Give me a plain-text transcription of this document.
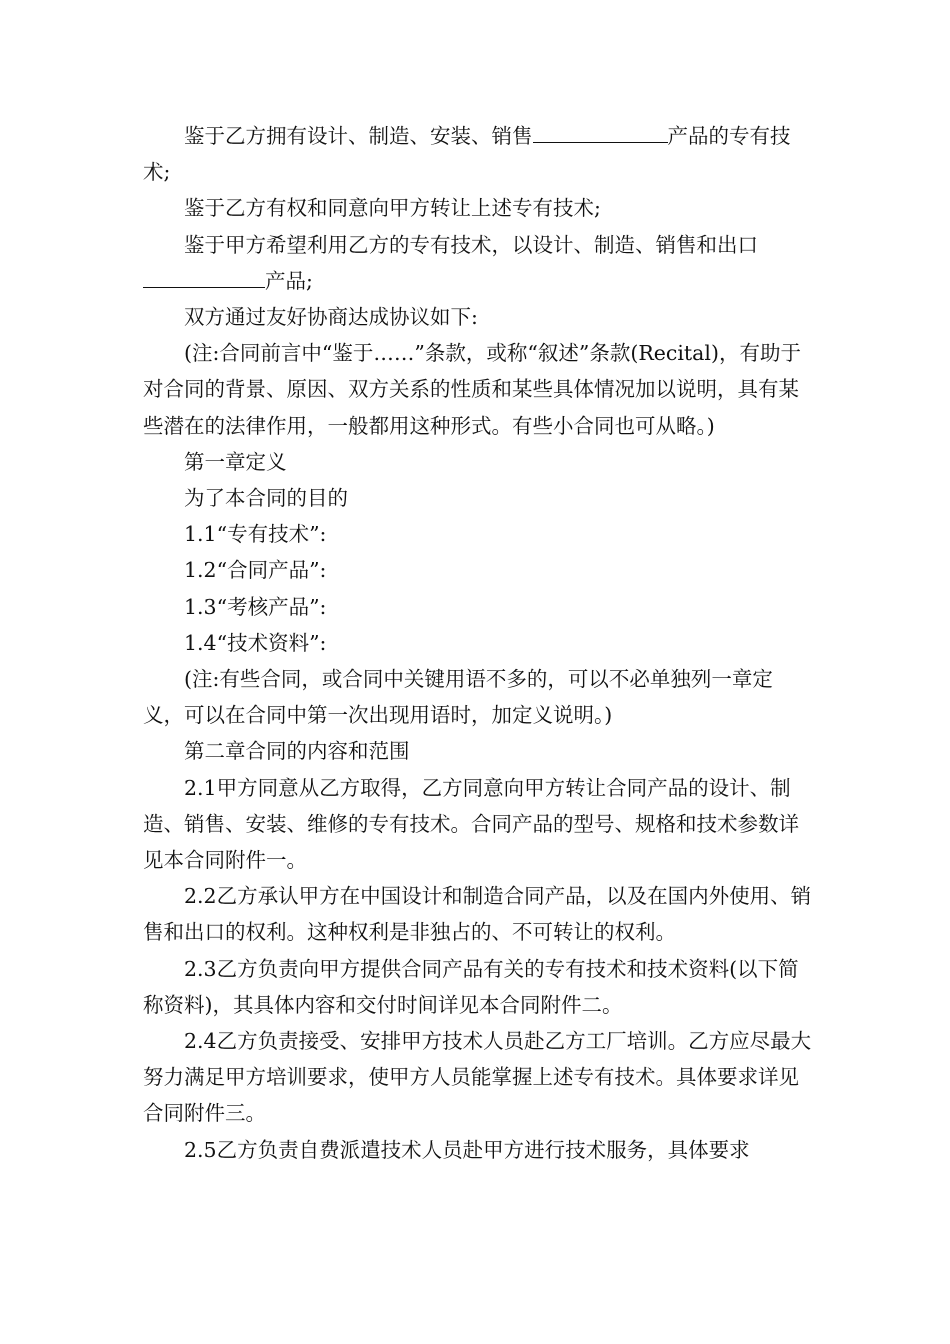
鉴于乙方拥有设计、制造、安装、销售	产品的专有技术;

鉴于乙方有权和同意向甲方转让上述专有技术;

鉴于甲方希望利用乙方的专有技术，以设计、制造、销售和出口

产品;

双方通过友好协商达成协议如下:

(注:合同前言中“鉴于……”条款，或称“叙述”条款(Recital)，有助于对合同的背景、原因、双方关系的性质和某些具体情况加以说明，具有某些潜在的法律作用，一般都用这种形式。有些小合同也可从略。)

第一章定义

为了本合同的目的

1.1“专有技术”:

1.2“合同产品”:

1.3“考核产品”:

1.4“技术资料”:

(注:有些合同，或合同中关键用语不多的，可以不必单独列一章定义，可以在合同中第一次出现用语时，加定义说明。)

第二章合同的内容和范围

2.1甲方同意从乙方取得，乙方同意向甲方转让合同产品的设计、制造、销售、安装、维修的专有技术。合同产品的型号、规格和技术参数详见本合同附件一。

2.2乙方承认甲方在中国设计和制造合同产品，以及在国内外使用、销售和出口的权利。这种权利是非独占的、不可转让的权利。

2.3乙方负责向甲方提供合同产品有关的专有技术和技术资料(以下简称资料)，其具体内容和交付时间详见本合同附件二。

2.4乙方负责接受、安排甲方技术人员赴乙方工厂培训。乙方应尽最大努力满足甲方培训要求，使甲方人员能掌握上述专有技术。具体要求详见合同附件三。

2.5乙方负责自费派遣技术人员赴甲方进行技术服务，具体要求
